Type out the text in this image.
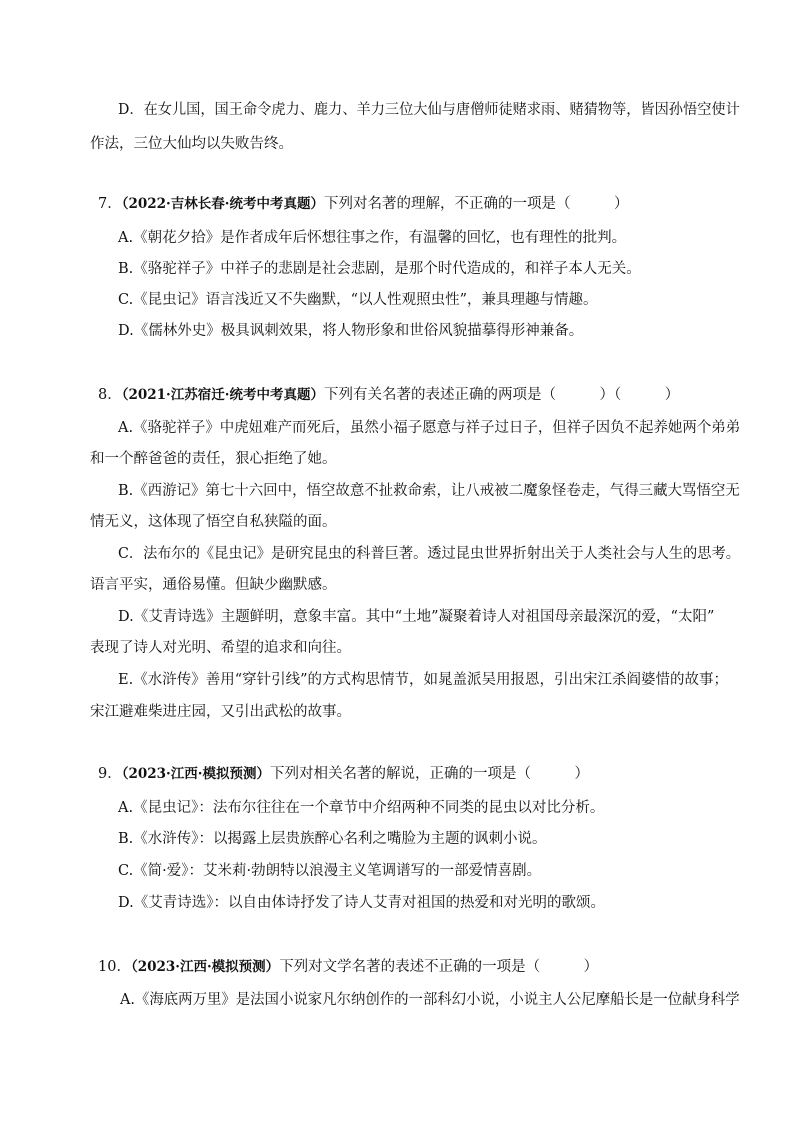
D．在女儿国，国王命令虎力、鹿力、羊力三位大仙与唐僧师徒赌求雨、赌猜物等，皆因孙悟空使计
作法，三位大仙均以失败告终。
7．（2022·吉林长春·统考中考真题）下列对名著的理解，不正确的一项是（　　　）
A.《朝花夕拾》是作者成年后怀想往事之作，有温馨的回忆，也有理性的批判。
B.《骆驼祥子》中祥子的悲剧是社会悲剧，是那个时代造成的，和祥子本人无关。
C.《昆虫记》语言浅近又不失幽默，“以人性观照虫性”，兼具理趣与情趣。
D.《儒林外史》极具讽刺效果，将人物形象和世俗风貌描摹得形神兼备。
8．（2021·江苏宿迁·统考中考真题）下列有关名著的表述正确的两项是（　　　）（　　　）
A.《骆驼祥子》中虎妞难产而死后，虽然小福子愿意与祥子过日子，但祥子因负不起养她两个弟弟
和一个醉爸爸的责任，狠心拒绝了她。
B.《西游记》第七十六回中，悟空故意不扯救命索，让八戒被二魔象怪卷走，气得三藏大骂悟空无
情无义，这体现了悟空自私狭隘的面。
C．法布尔的《昆虫记》是研究昆虫的科普巨著。透过昆虫世界折射出关于人类社会与人生的思考。
语言平实，通俗易懂。但缺少幽默感。
D.《艾青诗选》主题鲜明，意象丰富。其中“土地”凝聚着诗人对祖国母亲最深沉的爱，“太阳”
表现了诗人对光明、希望的追求和向往。
E.《水浒传》善用“穿针引线”的方式构思情节，如晁盖派吴用报恩，引出宋江杀阎婆惜的故事；
宋江避难柴进庄园，又引出武松的故事。
9．（2023·江西·模拟预测）下列对相关名著的解说，正确的一项是（　　　）
A.《昆虫记》：法布尔往往在一个章节中介绍两种不同类的昆虫以对比分析。
B.《水浒传》：以揭露上层贵族醉心名利之嘴脸为主题的讽刺小说。
C.《简·爱》：艾米莉·勃朗特以浪漫主义笔调谱写的一部爱情喜剧。
D.《艾青诗选》：以自由体诗抒发了诗人艾青对祖国的热爱和对光明的歌颂。
10．（2023·江西·模拟预测）下列对文学名著的表述不正确的一项是（　　　）
A.《海底两万里》是法国小说家凡尔纳创作的一部科幻小说，小说主人公尼摩船长是一位献身科学
